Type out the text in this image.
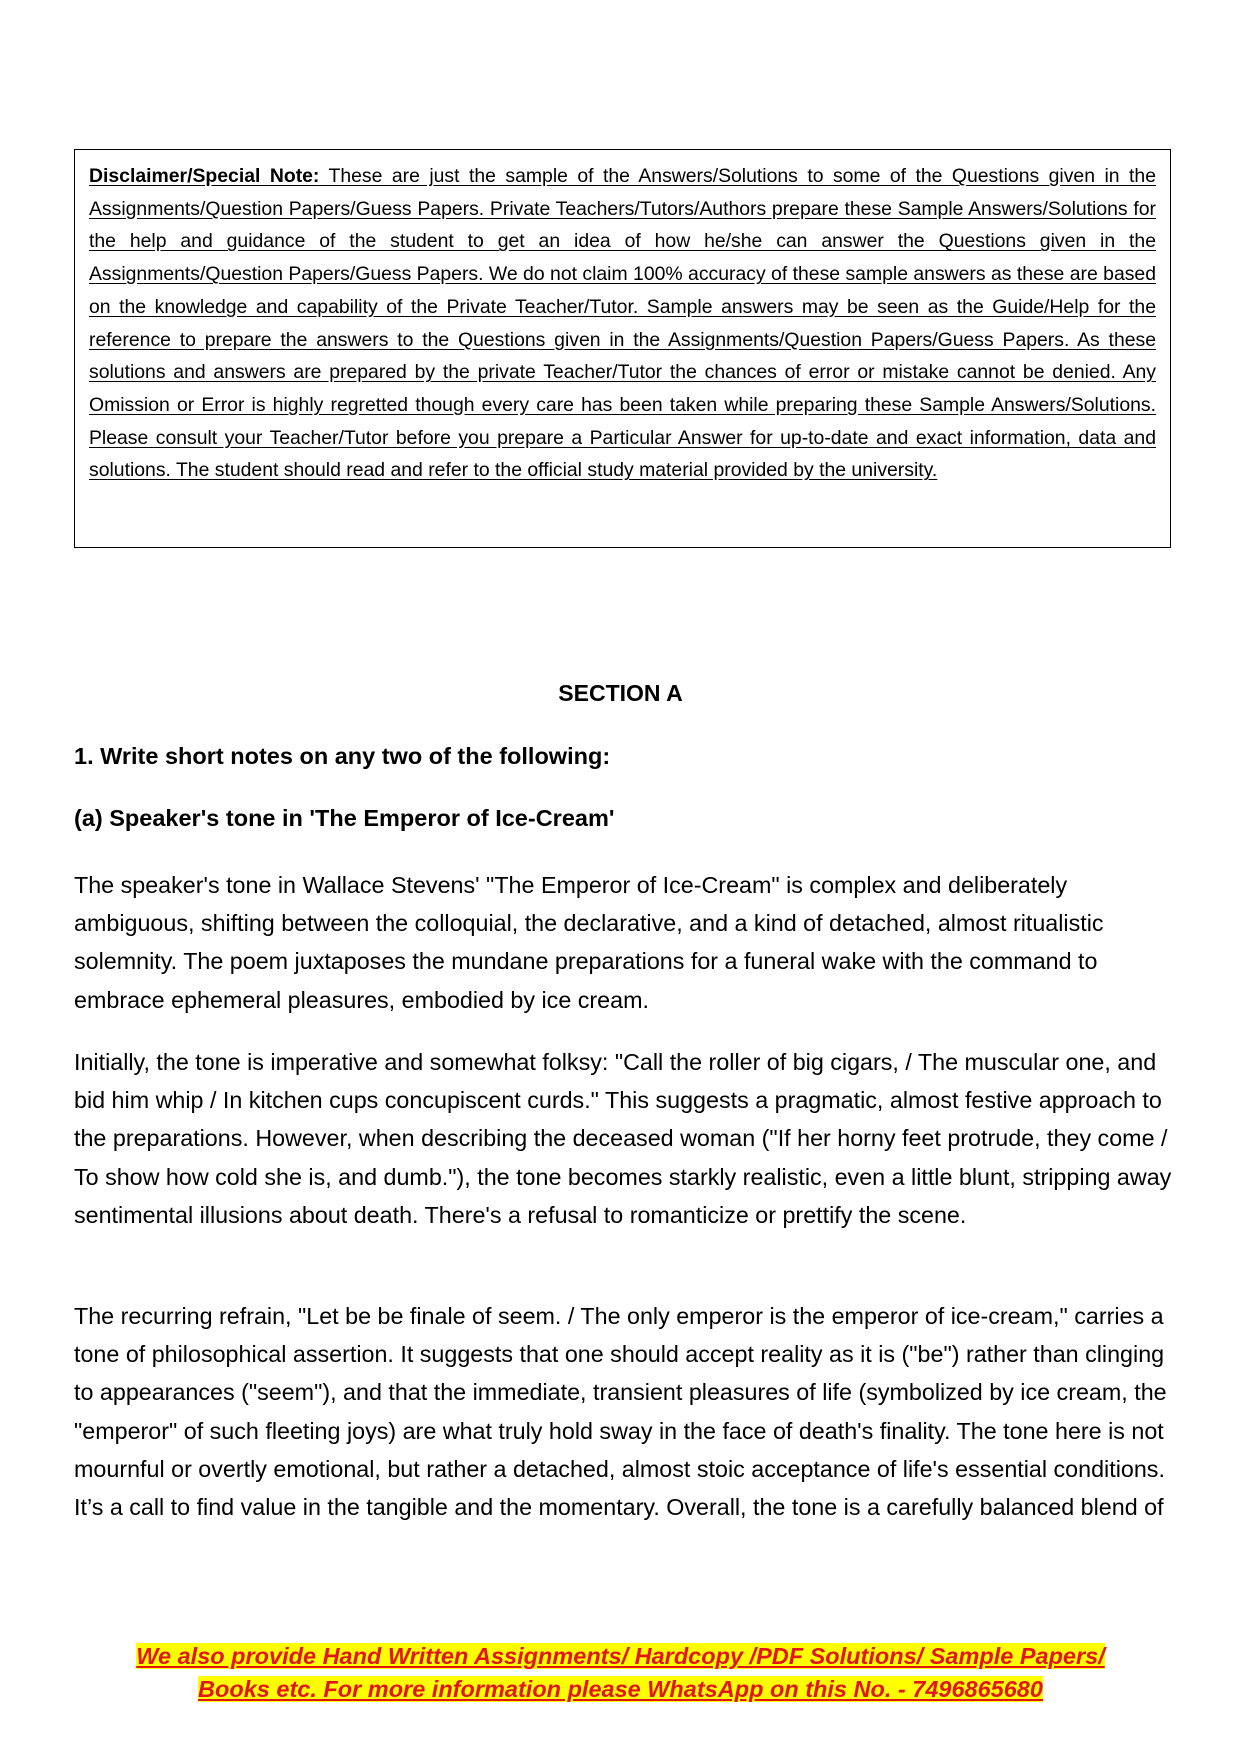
Disclaimer/Special Note: These are just the sample of the Answers/Solutions to some of the Questions given in the Assignments/Question Papers/Guess Papers. Private Teachers/Tutors/Authors prepare these Sample Answers/Solutions for the help and guidance of the student to get an idea of how he/she can answer the Questions given in the Assignments/Question Papers/Guess Papers. We do not claim 100% accuracy of these sample answers as these are based on the knowledge and capability of the Private Teacher/Tutor. Sample answers may be seen as the Guide/Help for the reference to prepare the answers to the Questions given in the Assignments/Question Papers/Guess Papers. As these solutions and answers are prepared by the private Teacher/Tutor the chances of error or mistake cannot be denied. Any Omission or Error is highly regretted though every care has been taken while preparing these Sample Answers/Solutions. Please consult your Teacher/Tutor before you prepare a Particular Answer for up-to-date and exact information, data and solutions. The student should read and refer to the official study material provided by the university.

SECTION A
1. Write short notes on any two of the following:
(a) Speaker's tone in 'The Emperor of Ice-Cream'

The speaker's tone in Wallace Stevens' "The Emperor of Ice-Cream" is complex and deliberately ambiguous, shifting between the colloquial, the declarative, and a kind of detached, almost ritualistic solemnity. The poem juxtaposes the mundane preparations for a funeral wake with the command to embrace ephemeral pleasures, embodied by ice cream.

Initially, the tone is imperative and somewhat folksy: "Call the roller of big cigars, / The muscular one, and bid him whip / In kitchen cups concupiscent curds." This suggests a pragmatic, almost festive approach to the preparations. However, when describing the deceased woman ("If her horny feet protrude, they come / To show how cold she is, and dumb."), the tone becomes starkly realistic, even a little blunt, stripping away sentimental illusions about death. There's a refusal to romanticize or prettify the scene.

The recurring refrain, "Let be be finale of seem. / The only emperor is the emperor of ice-cream," carries a tone of philosophical assertion. It suggests that one should accept reality as it is ("be") rather than clinging to appearances ("seem"), and that the immediate, transient pleasures of life (symbolized by ice cream, the "emperor" of such fleeting joys) are what truly hold sway in the face of death's finality. The tone here is not mournful or overtly emotional, but rather a detached, almost stoic acceptance of life's essential conditions. It’s a call to find value in the tangible and the momentary. Overall, the tone is a carefully balanced blend of

We also provide Hand Written Assignments/ Hardcopy /PDF Solutions/ Sample Papers/
Books etc. For more information please WhatsApp on this No. - 7496865680
